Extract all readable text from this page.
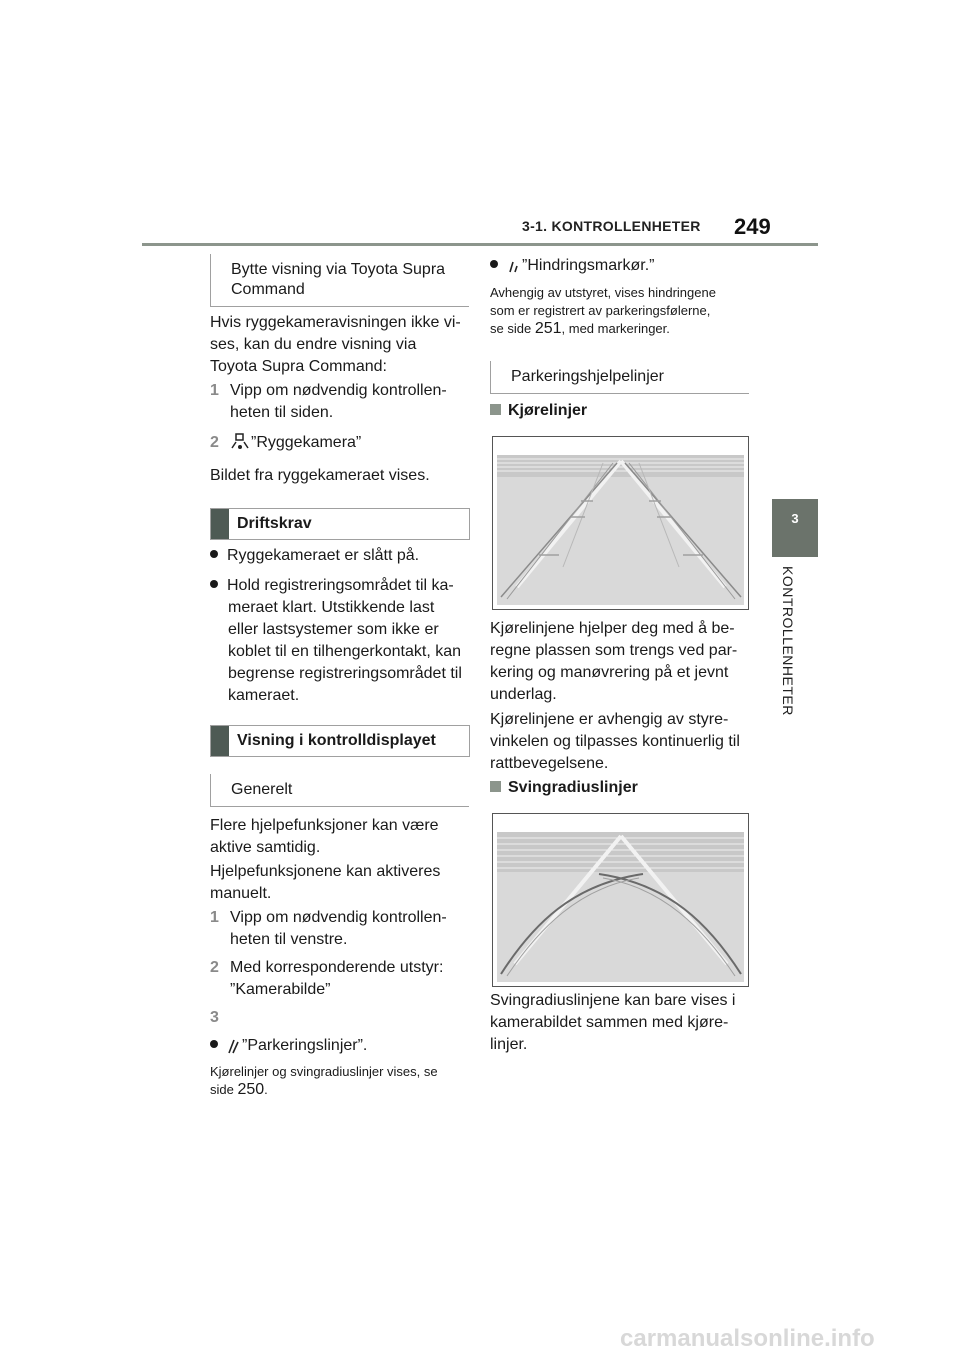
3-1. KONTROLLENHETER 249
3
KONTROLLENHETER
Bytte visning via Toyota Supra Command
Hvis ryggekameravisningen ikke vi-
ses, kan du endre visning via
Toyota Supra Command:
1 Vipp om nødvendig kontrollen-
heten til siden.
2 ”Ryggekamera”
Bildet fra ryggekameraet vises.
Driftskrav
Ryggekameraet er slått på.
Hold registreringsområdet til ka-
meraet klart. Utstikkende last
eller lastsystemer som ikke er
koblet til en tilhengerkontakt, kan
begrense registreringsområdet til
kameraet.
Visning i kontrolldisplayet
Generelt
Flere hjelpefunksjoner kan være
aktive samtidig.
Hjelpefunksjonene kan aktiveres
manuelt.
1 Vipp om nødvendig kontrollen-
heten til venstre.
2 Med korresponderende utstyr:
”Kamerabilde”
3
”Parkeringslinjer”.
Kjørelinjer og svingradiuslinjer vises, se
side 250.
”Hindringsmarkør.”
Avhengig av utstyret, vises hindringene
som er registrert av parkeringsfølerne,
se side 251, med markeringer.
Parkeringshjelpelinjer
Kjørelinjer
Kjørelinjene hjelper deg med å be-
regne plassen som trengs ved par-
kering og manøvrering på et jevnt
underlag.
Kjørelinjene er avhengig av styre-
vinkelen og tilpasses kontinuerlig til
rattbevegelsene.
Svingradiuslinjer
Svingradiuslinjene kan bare vises i
kamerabildet sammen med kjøre-
linjer.
carmanualsonline.info
